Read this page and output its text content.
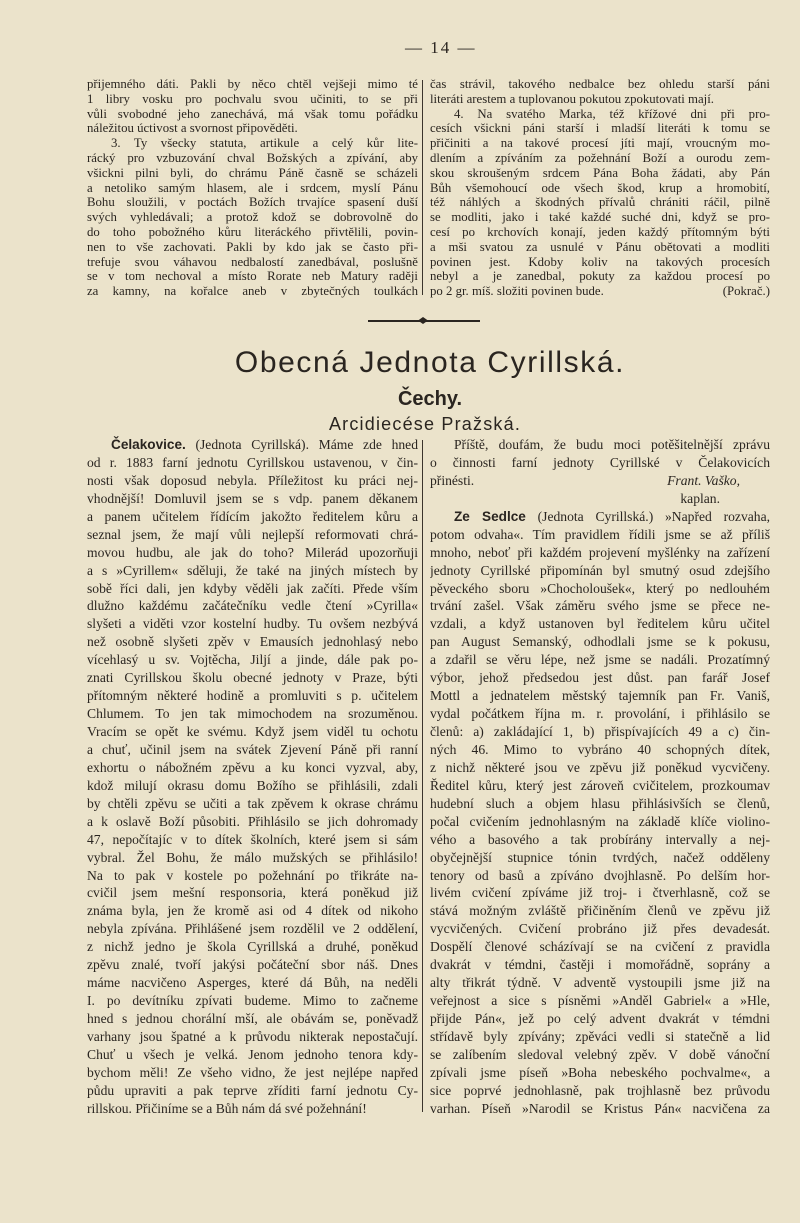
— 14 —
přijemného dáti. Pakli by něco chtěl vejšeji mimo té
1 libry vosku pro pochvalu svou učiniti, to se při
vůli svobodné jeho zanechává, má však tomu pořádku
náležitou úctivost a svornost připověděti.
3. Ty všecky statuta, artikule a celý kůr lite-
rácký pro vzbuzování chval Božských a zpívání, aby
všickni pilni byli, do chrámu Páně časně se scházeli
a netoliko samým hlasem, ale i srdcem, myslí Pánu
Bohu sloužili, v poctách Božích trvajíce spasení duší
svých vyhledávali; a protož kdož se dobrovolně do
do toho pobožného kůru literáckého přivtělili, povin-
nen to vše zachovati. Pakli by kdo jak se často při-
trefuje svou váhavou nedbalostí zanedbával, poslušně
se v tom nechoval a místo Rorate neb Matury raději
za kamny, na kořalce aneb v zbytečných toulkách
čas strávil, takového nedbalce bez ohledu starší páni
literáti arestem a tuplovanou pokutou zpokutovati mají.
4. Na svatého Marka, též křížové dni při pro-
cesích všickni páni starší i mladší literáti k tomu se
přičiniti a na takové procesí jíti mají, vroucným mo-
dlením a zpíváním za požehnání Boží a ourodu zem-
skou skroušeným srdcem Pána Boha žádati, aby Pán
Bůh všemohoucí ode všech škod, krup a hromobití,
též náhlých a škodných přívalů chrániti ráčil, pilně
se modliti, jako i také každé suché dni, když se pro-
cesí po krchovích konají, jeden každý přítomným býti
a mši svatou za usnulé v Pánu obětovati a modliti
povinen jest. Kdoby koliv na takových procesích
nebyl a je zanedbal, pokuty za každou procesí po
po 2 gr. míš. složiti povinen bude.	(Pokrač.)
Obecná Jednota Cyrillská.
Čechy.
Arcidiecése Pražská.
Čelakovice. (Jednota Cyrillská). Máme zde hned
od r. 1883 farní jednotu Cyrillskou ustavenou, v čin-
nosti však doposud nebyla. Příležitost ku práci nej-
vhodnější! Domluvil jsem se s vdp. panem děkanem
a panem učitelem řídícím jakožto ředitelem kůru a
seznal jsem, že mají vůli nejlepší reformovati chrá-
movou hudbu, ale jak do toho? Milerád upozorňuji
a s »Cyrillem« sděluji, že také na jiných místech by
sobě říci dali, jen kdyby věděli jak začíti. Přede vším
dlužno každému začátečníku vedle čtení »Cyrilla«
slyšeti a viděti vzor kostelní hudby. Tu ovšem nezbývá
než osobně slyšeti zpěv v Emausích jednohlasý nebo
vícehlasý u sv. Vojtěcha, Jiljí a jinde, dále pak po-
znati Cyrillskou školu obecné jednoty v Praze, býti
přítomným některé hodině a promluviti s p. učitelem
Chlumem. To jen tak mimochodem na srozuměnou.
Vracím se opět ke svému. Když jsem viděl tu ochotu
a chuť, učinil jsem na svátek Zjevení Páně při ranní
exhortu o nábožném zpěvu a ku konci vyzval, aby,
kdož milují okrasu domu Božího se přihlásili, zdali
by chtěli zpěvu se učiti a tak zpěvem k okrase chrámu
a k oslavě Boží působiti. Přihlásilo se jich dohromady
47, nepočítajíc v to dítek školních, které jsem si sám
vybral. Žel Bohu, že málo mužských se přihlásilo!
Na to pak v kostele po požehnání po třikráte na-
cvičil jsem mešní responsoria, která poněkud již
známa byla, jen že kromě asi od 4 dítek od nikoho
nebyla zpívána. Přihlášené jsem rozdělil ve 2 oddělení,
z nichž jedno je škola Cyrillská a druhé, poněkud
zpěvu znalé, tvoří jakýsi počáteční sbor náš. Dnes
máme nacvičeno Asperges, které dá Bůh, na neděli
I. po devítníku zpívati budeme. Mimo to začneme
hned s jednou chorální mší, ale obávám se, poněvadž
varhany jsou špatné a k průvodu nikterak nepostačují.
Chuť u všech je velká. Jenom jednoho tenora kdy-
bychom měli! Ze všeho vidno, že jest nejlépe napřed
půdu upraviti a pak teprve zříditi farní jednotu Cy-
rillskou. Přičiníme se a Bůh nám dá své požehnání!
Příště, doufám, že budu moci potěšitelnější zprávu
o činnosti farní jednoty Cyrillské v Čelakovicích
přinésti.	Frant. Vaško,
kaplan.
Ze Sedlce (Jednota Cyrillská.) »Napřed rozvaha,
potom odvaha«. Tím pravidlem řídili jsme se až příliš
mnoho, neboť při každém projevení myšlénky na zařízení
jednoty Cyrillské připomínán byl smutný osud zdejšího
pěveckého sboru »Chocholoušek«, který po nedlouhém
trvání zašel. Však záměru svého jsme se přece ne-
vzdali, a když ustanoven byl ředitelem kůru učitel
pan August Semanský, odhodlali jsme se k pokusu,
a zdařil se věru lépe, než jsme se nadáli. Prozatímný
výbor, jehož předsedou jest důst. pan farář Josef
Mottl a jednatelem městský tajemník pan Fr. Vaniš,
vydal počátkem října m. r. provolání, i přihlásilo se
členů: a) zakládající 1, b) přispívajících 49 a c) čin-
ných 46. Mimo to vybráno 40 schopných dítek,
z nichž některé jsou ve zpěvu již poněkud vycvičeny.
Ředitel kůru, který jest zároveň cvičitelem, prozkoumav
hudební sluch a objem hlasu přihlásivších se členů,
počal cvičením jednohlasným na základě klíče violino-
vého a basového a tak probírány intervally a nej-
obyčejnější stupnice tónin tvrdých, načež odděleny
tenory od basů a zpíváno dvojhlasně. Po delším hor-
livém cvičení zpíváme již troj- i čtverhlasně, což se
stává možným zvláště přičiněním členů ve zpěvu již
vycvičených. Cvičení probráno již přes devadesát.
Dospělí členové scházívají se na cvičení z pravidla
dvakrát v témdni, častěji i momořádně, soprány a
alty třikrát týdně. V adventě vystoupili jsme již na
veřejnost a sice s písněmi »Anděl Gabriel« a »Hle,
přijde Pán«, jež po celý advent dvakrát v témdni
střídavě byly zpívány; zpěváci vedli si statečně a lid
se zalíbením sledoval velebný zpěv. V době vánoční
zpívali jsme píseň »Boha nebeského pochvalme«, a
sice poprvé jednohlasně, pak trojhlasně bez průvodu
varhan. Píseň »Narodil se Kristus Pán« nacvičena za
